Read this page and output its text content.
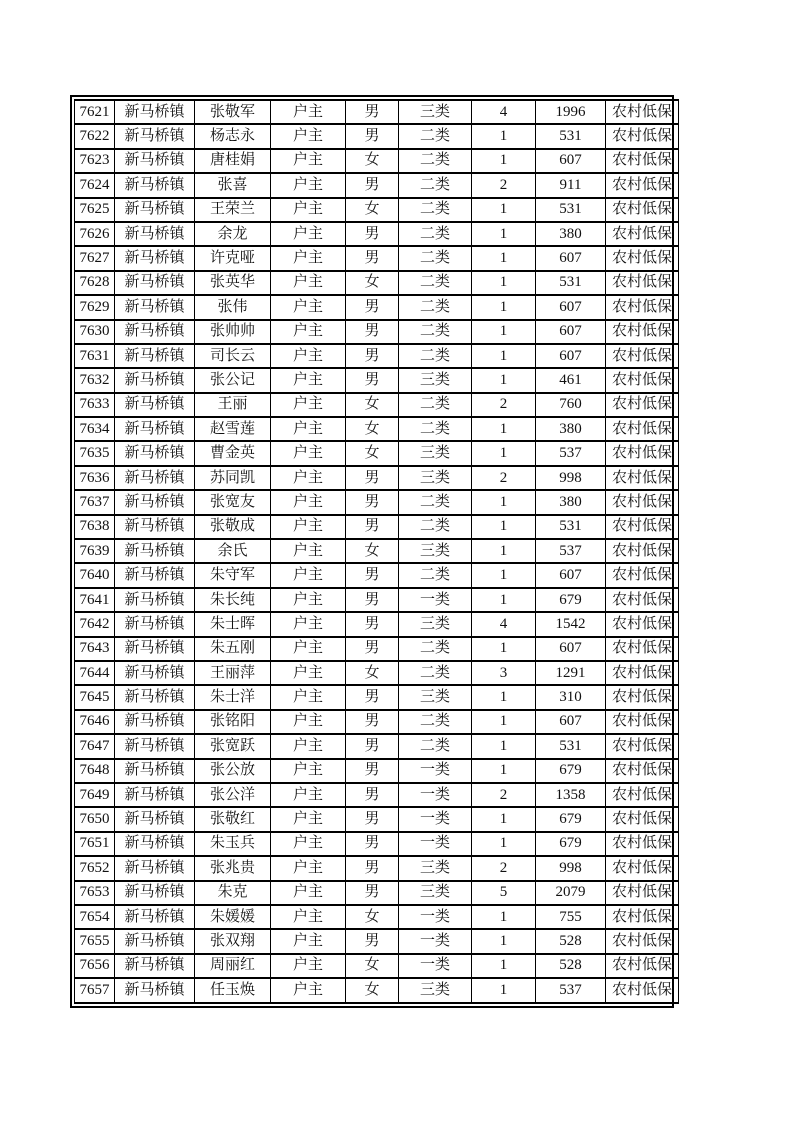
7621	新马桥镇	张敬军	户主	男	三类	4	1996	农村低保
7622	新马桥镇	杨志永	户主	男	二类	1	531	农村低保
7623	新马桥镇	唐桂娟	户主	女	二类	1	607	农村低保
7624	新马桥镇	张喜	户主	男	二类	2	911	农村低保
7625	新马桥镇	王荣兰	户主	女	二类	1	531	农村低保
7626	新马桥镇	余龙	户主	男	二类	1	380	农村低保
7627	新马桥镇	许克哑	户主	男	二类	1	607	农村低保
7628	新马桥镇	张英华	户主	女	二类	1	531	农村低保
7629	新马桥镇	张伟	户主	男	二类	1	607	农村低保
7630	新马桥镇	张帅帅	户主	男	二类	1	607	农村低保
7631	新马桥镇	司长云	户主	男	二类	1	607	农村低保
7632	新马桥镇	张公记	户主	男	三类	1	461	农村低保
7633	新马桥镇	王丽	户主	女	二类	2	760	农村低保
7634	新马桥镇	赵雪莲	户主	女	二类	1	380	农村低保
7635	新马桥镇	曹金英	户主	女	三类	1	537	农村低保
7636	新马桥镇	苏同凯	户主	男	三类	2	998	农村低保
7637	新马桥镇	张宽友	户主	男	二类	1	380	农村低保
7638	新马桥镇	张敬成	户主	男	二类	1	531	农村低保
7639	新马桥镇	余氏	户主	女	三类	1	537	农村低保
7640	新马桥镇	朱守军	户主	男	二类	1	607	农村低保
7641	新马桥镇	朱长纯	户主	男	一类	1	679	农村低保
7642	新马桥镇	朱士晖	户主	男	三类	4	1542	农村低保
7643	新马桥镇	朱五刚	户主	男	二类	1	607	农村低保
7644	新马桥镇	王丽萍	户主	女	二类	3	1291	农村低保
7645	新马桥镇	朱士洋	户主	男	三类	1	310	农村低保
7646	新马桥镇	张铭阳	户主	男	二类	1	607	农村低保
7647	新马桥镇	张宽跃	户主	男	二类	1	531	农村低保
7648	新马桥镇	张公放	户主	男	一类	1	679	农村低保
7649	新马桥镇	张公洋	户主	男	一类	2	1358	农村低保
7650	新马桥镇	张敬红	户主	男	一类	1	679	农村低保
7651	新马桥镇	朱玉兵	户主	男	一类	1	679	农村低保
7652	新马桥镇	张兆贵	户主	男	三类	2	998	农村低保
7653	新马桥镇	朱克	户主	男	三类	5	2079	农村低保
7654	新马桥镇	朱媛媛	户主	女	一类	1	755	农村低保
7655	新马桥镇	张双翔	户主	男	一类	1	528	农村低保
7656	新马桥镇	周丽红	户主	女	一类	1	528	农村低保
7657	新马桥镇	任玉焕	户主	女	三类	1	537	农村低保
